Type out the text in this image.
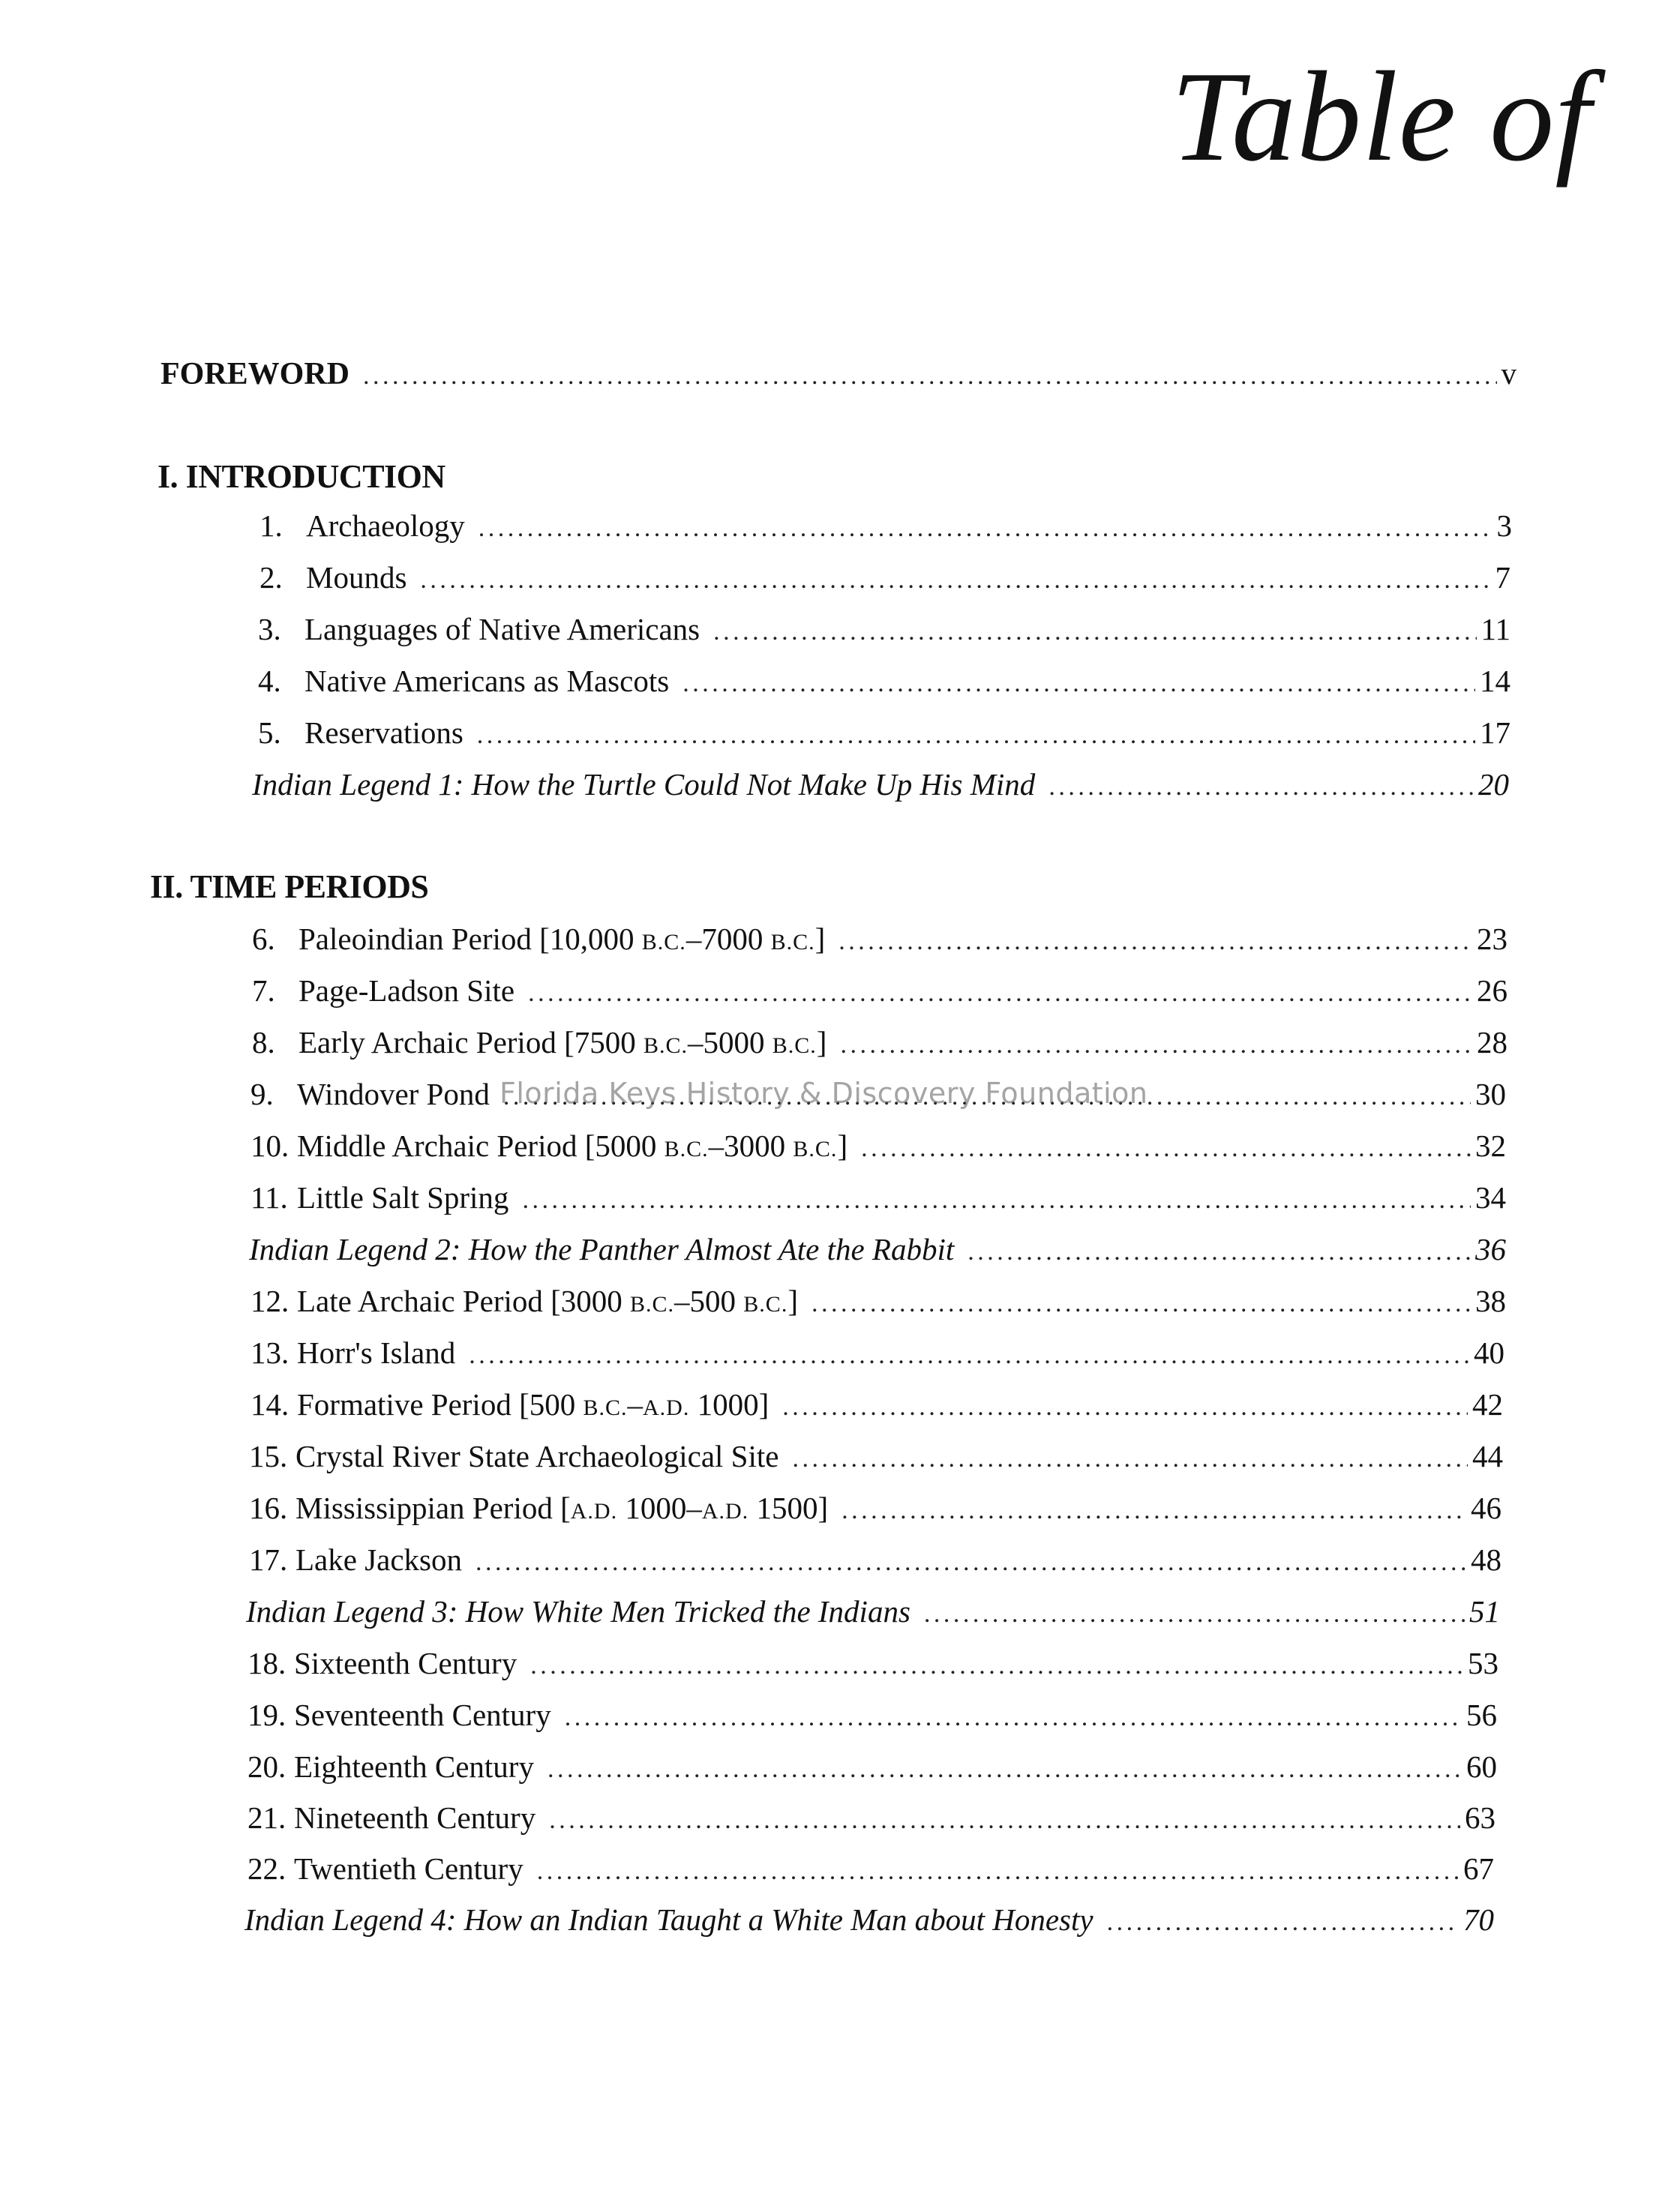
Table of
FOREWORD . . .	v
I. INTRODUCTION
1. Archaeology . . .	3
2. Mounds . . .	7
3. Languages of Native Americans . . .	11
4. Native Americans as Mascots . . .	14
5. Reservations . . .	17
Indian Legend 1: How the Turtle Could Not Make Up His Mind . . .	20
II. TIME PERIODS
6. Paleoindian Period [10,000 B.C.–7000 B.C.] . . .	23
7. Page-Ladson Site . . .	26
8. Early Archaic Period [7500 B.C.–5000 B.C.] . . .	28
9. Windover Pond . . .	30
10. Middle Archaic Period [5000 B.C.–3000 B.C.] . . .	32
11. Little Salt Spring . . .	34
Indian Legend 2: How the Panther Almost Ate the Rabbit . . .	36
12. Late Archaic Period [3000 B.C.–500 B.C.] . . .	38
13. Horr's Island . . .	40
14. Formative Period [500 B.C.–A.D. 1000] . . .	42
15. Crystal River State Archaeological Site . . .	44
16. Mississippian Period [A.D. 1000–A.D. 1500] . . .	46
17. Lake Jackson . . .	48
Indian Legend 3: How White Men Tricked the Indians . . .	51
18. Sixteenth Century . . .	53
19. Seventeenth Century . . .	56
20. Eighteenth Century . . .	60
21. Nineteenth Century . . .	63
22. Twentieth Century . . .	67
Indian Legend 4: How an Indian Taught a White Man about Honesty . . .	70
Florida Keys History & Discovery Foundation
